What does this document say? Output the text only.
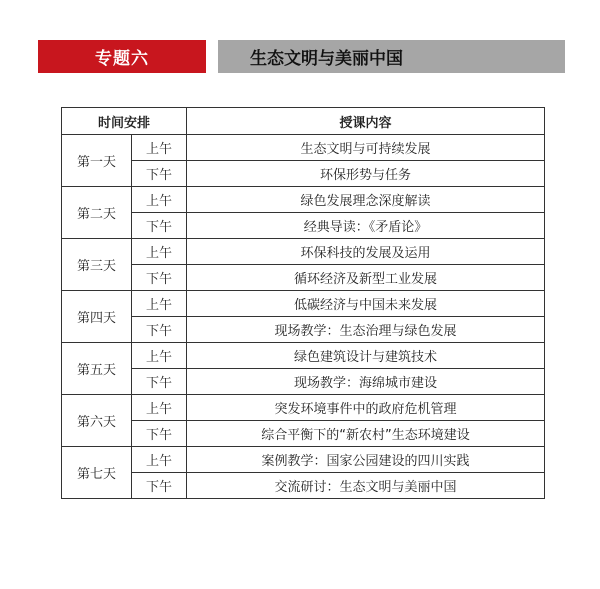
专题六	生态文明与美丽中国
时间安排		授课内容
第一天	上午	生态文明与可持续发展
	下午	环保形势与任务
第二天	上午	绿色发展理念深度解读
	下午	经典导读：《矛盾论》
第三天	上午	环保科技的发展及运用
	下午	循环经济及新型工业发展
第四天	上午	低碳经济与中国未来发展
	下午	现场教学：生态治理与绿色发展
第五天	上午	绿色建筑设计与建筑技术
	下午	现场教学：海绵城市建设
第六天	上午	突发环境事件中的政府危机管理
	下午	综合平衡下的“新农村”生态环境建设
第七天	上午	案例教学：国家公园建设的四川实践
	下午	交流研讨：生态文明与美丽中国
